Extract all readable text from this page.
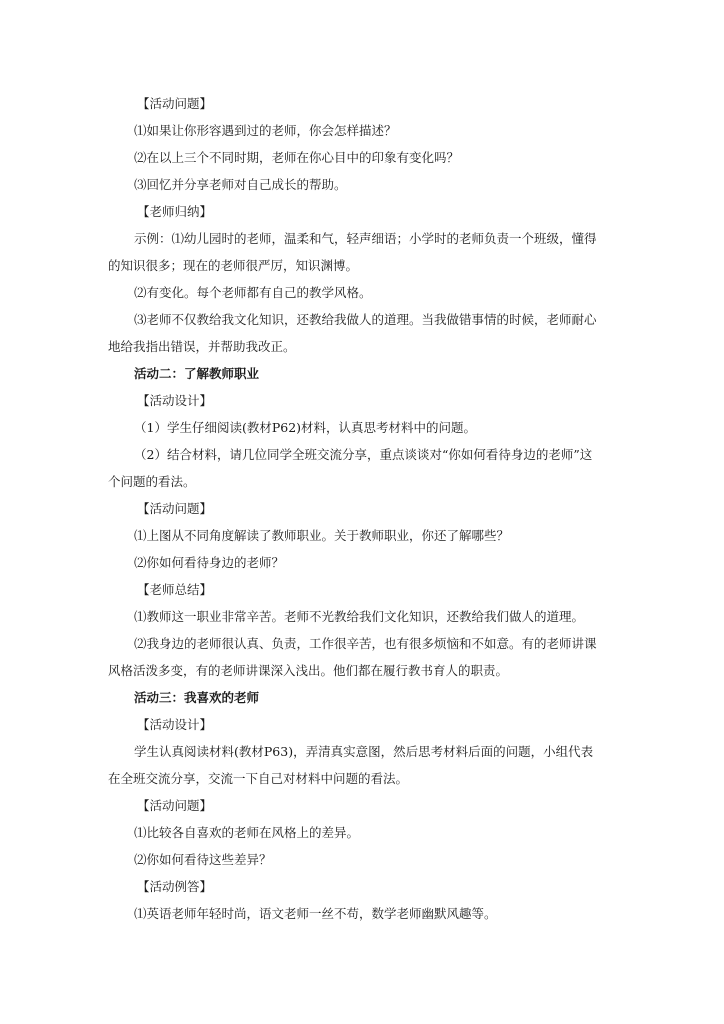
【活动问题】
⑴如果让你形容遇到过的老师，你会怎样描述？
⑵在以上三个不同时期，老师在你心目中的印象有变化吗？
⑶回忆并分享老师对自己成长的帮助。
【老师归纳】
示例：⑴幼儿园时的老师，温柔和气，轻声细语；小学时的老师负责一个班级，懂得
的知识很多；现在的老师很严厉，知识渊博。
⑵有变化。每个老师都有自己的教学风格。
⑶老师不仅教给我文化知识，还教给我做人的道理。当我做错事情的时候，老师耐心
地给我指出错误，并帮助我改正。
活动二：了解教师职业
【活动设计】
（1）学生仔细阅读(教材P62)材料，认真思考材料中的问题。
（2）结合材料，请几位同学全班交流分享，重点谈谈对“你如何看待身边的老师”这
个问题的看法。
【活动问题】
⑴上图从不同角度解读了教师职业。关于教师职业，你还了解哪些？
⑵你如何看待身边的老师？
【老师总结】
⑴教师这一职业非常辛苦。老师不光教给我们文化知识，还教给我们做人的道理。
⑵我身边的老师很认真、负责，工作很辛苦，也有很多烦恼和不如意。有的老师讲课
风格活泼多变，有的老师讲课深入浅出。他们都在履行教书育人的职责。
活动三：我喜欢的老师
【活动设计】
学生认真阅读材料(教材P63)，弄清真实意图，然后思考材料后面的问题，小组代表
在全班交流分享，交流一下自己对材料中问题的看法。
【活动问题】
⑴比较各自喜欢的老师在风格上的差异。
⑵你如何看待这些差异？
【活动例答】
⑴英语老师年轻时尚，语文老师一丝不苟，数学老师幽默风趣等。
